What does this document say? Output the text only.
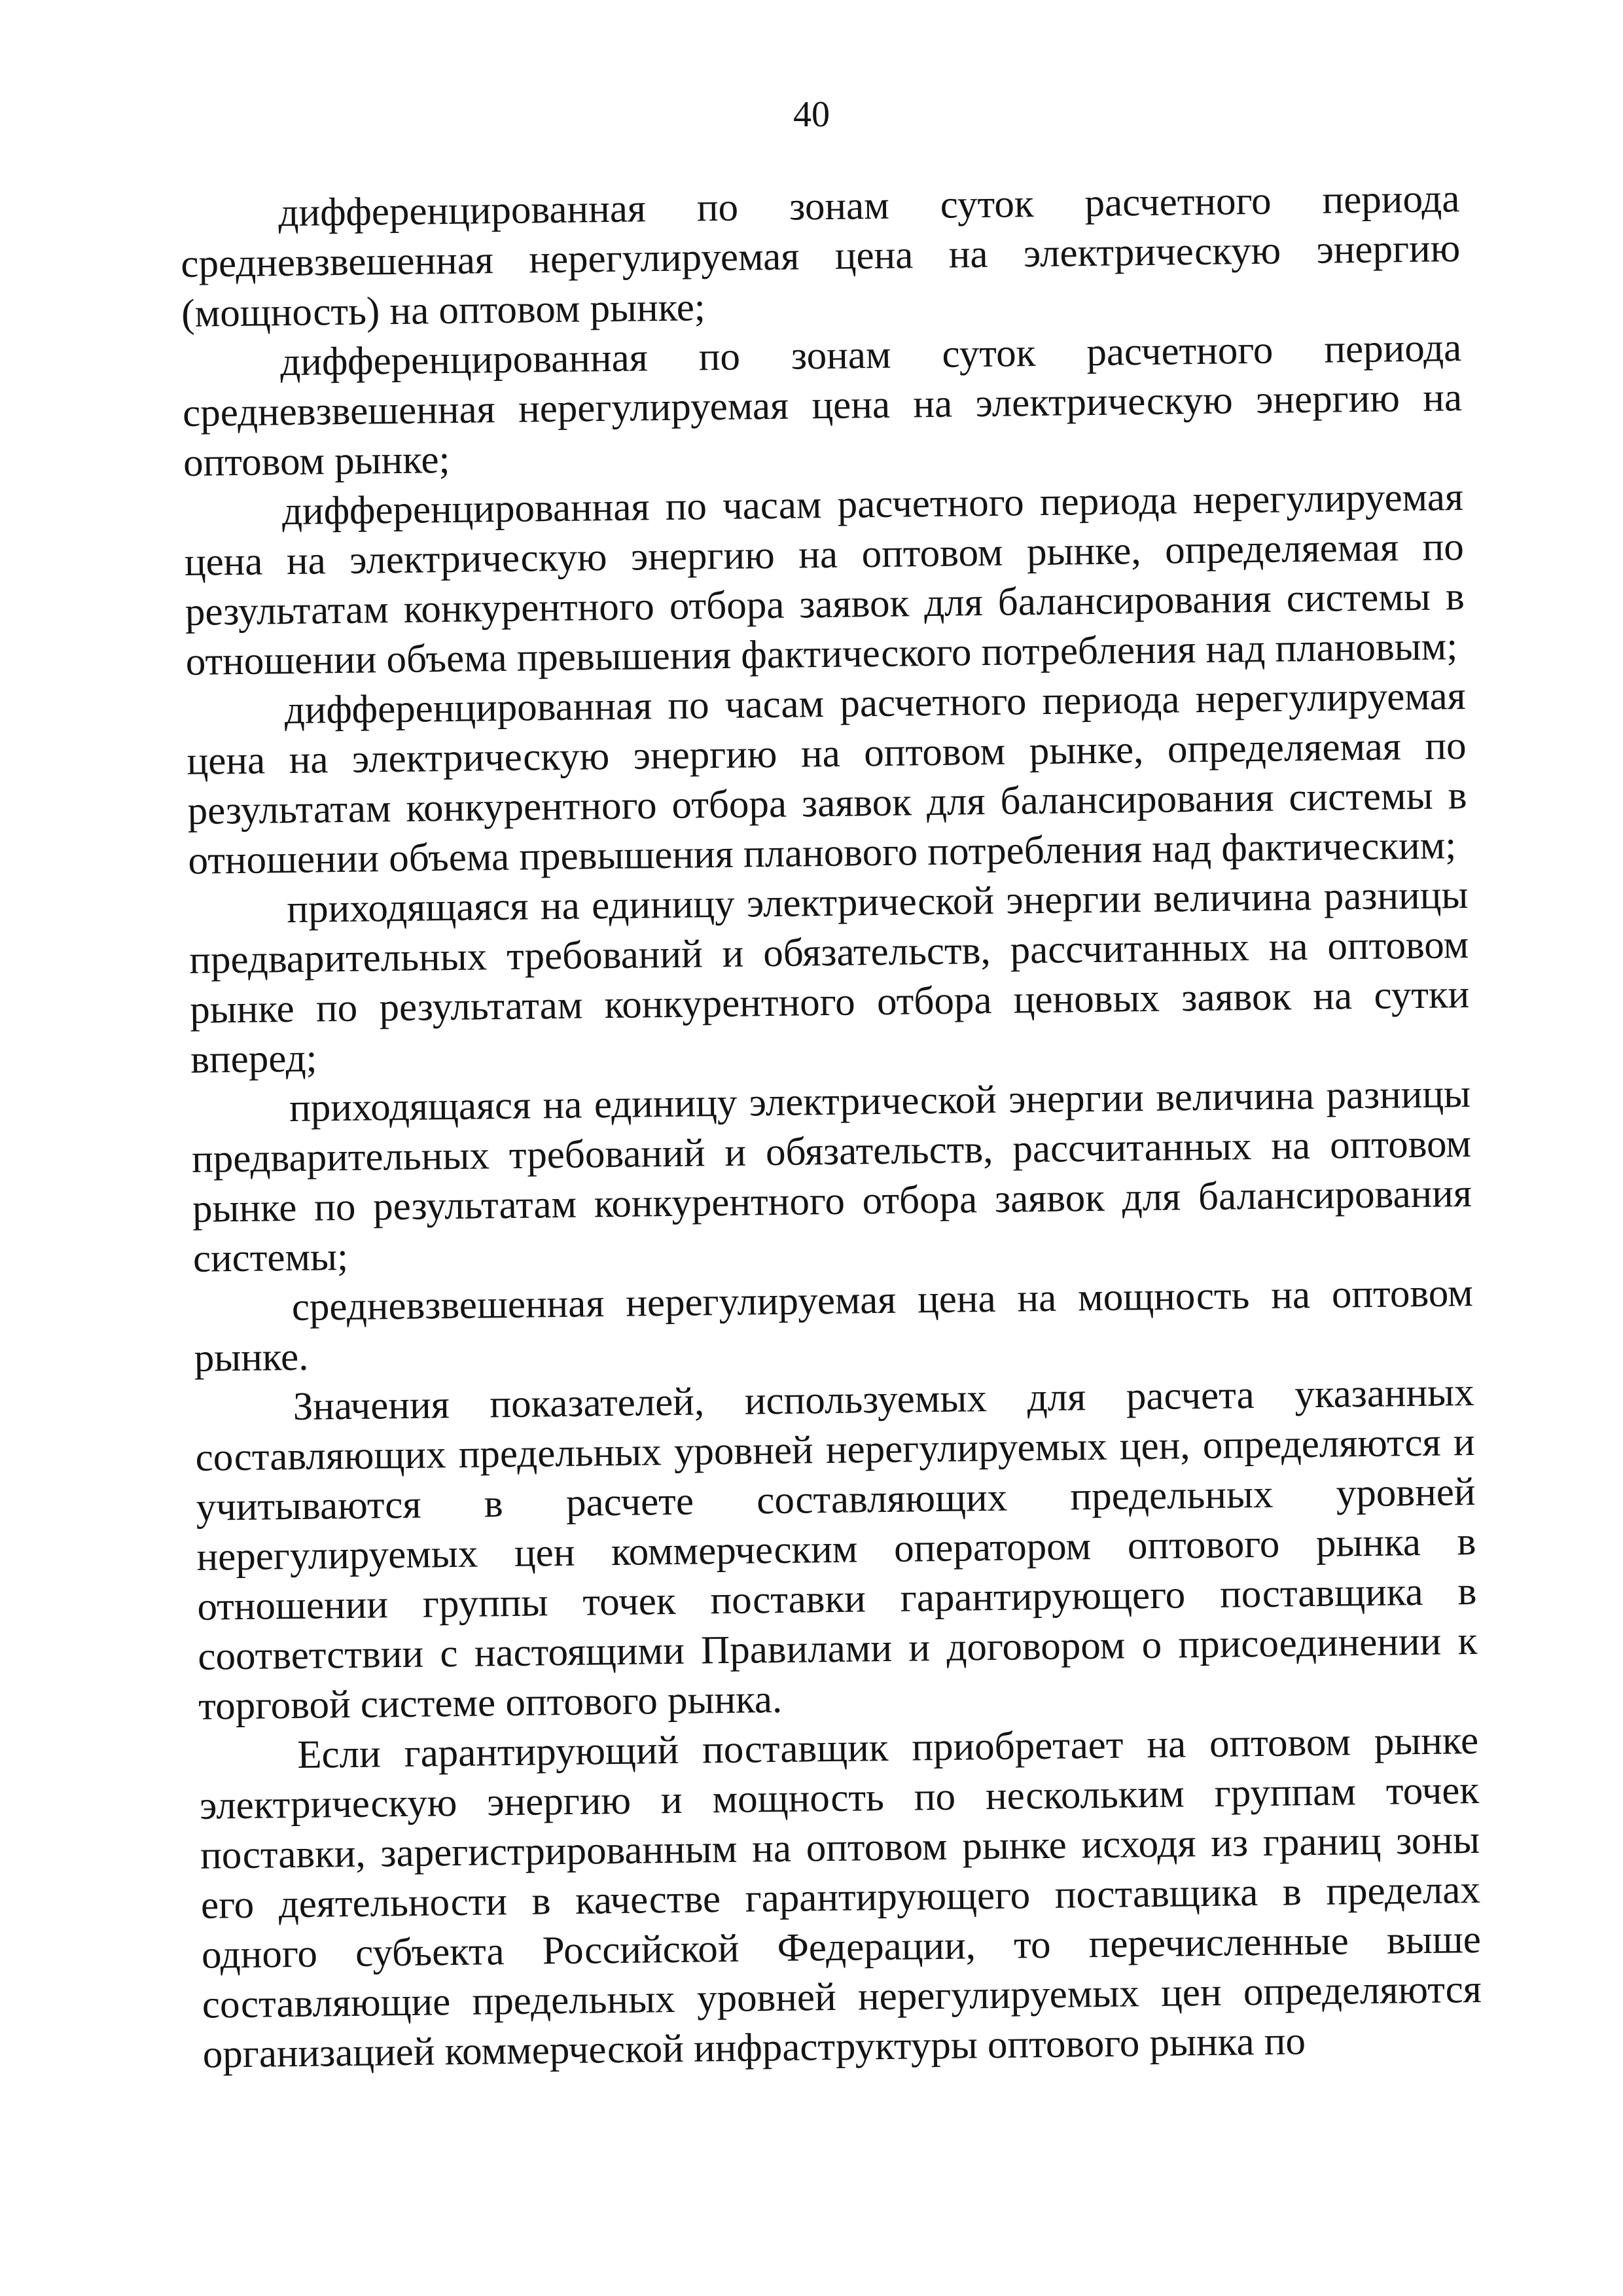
40

дифференцированная по зонам суток расчетного периода средневзвешенная нерегулируемая цена на электрическую энергию (мощность) на оптовом рынке;

дифференцированная по зонам суток расчетного периода средневзвешенная нерегулируемая цена на электрическую энергию на оптовом рынке;

дифференцированная по часам расчетного периода нерегулируемая цена на электрическую энергию на оптовом рынке, определяемая по результатам конкурентного отбора заявок для балансирования системы в отношении объема превышения фактического потребления над плановым;

дифференцированная по часам расчетного периода нерегулируемая цена на электрическую энергию на оптовом рынке, определяемая по результатам конкурентного отбора заявок для балансирования системы в отношении объема превышения планового потребления над фактическим;

приходящаяся на единицу электрической энергии величина разницы предварительных требований и обязательств, рассчитанных на оптовом рынке по результатам конкурентного отбора ценовых заявок на сутки вперед;

приходящаяся на единицу электрической энергии величина разницы предварительных требований и обязательств, рассчитанных на оптовом рынке по результатам конкурентного отбора заявок для балансирования системы;

средневзвешенная нерегулируемая цена на мощность на оптовом рынке.

Значения показателей, используемых для расчета указанных составляющих предельных уровней нерегулируемых цен, определяются и учитываются в расчете составляющих предельных уровней нерегулируемых цен коммерческим оператором оптового рынка в отношении группы точек поставки гарантирующего поставщика в соответствии с настоящими Правилами и договором о присоединении к торговой системе оптового рынка.

Если гарантирующий поставщик приобретает на оптовом рынке электрическую энергию и мощность по нескольким группам точек поставки, зарегистрированным на оптовом рынке исходя из границ зоны его деятельности в качестве гарантирующего поставщика в пределах одного субъекта Российской Федерации, то перечисленные выше составляющие предельных уровней нерегулируемых цен определяются организацией коммерческой инфраструктуры оптового рынка по
